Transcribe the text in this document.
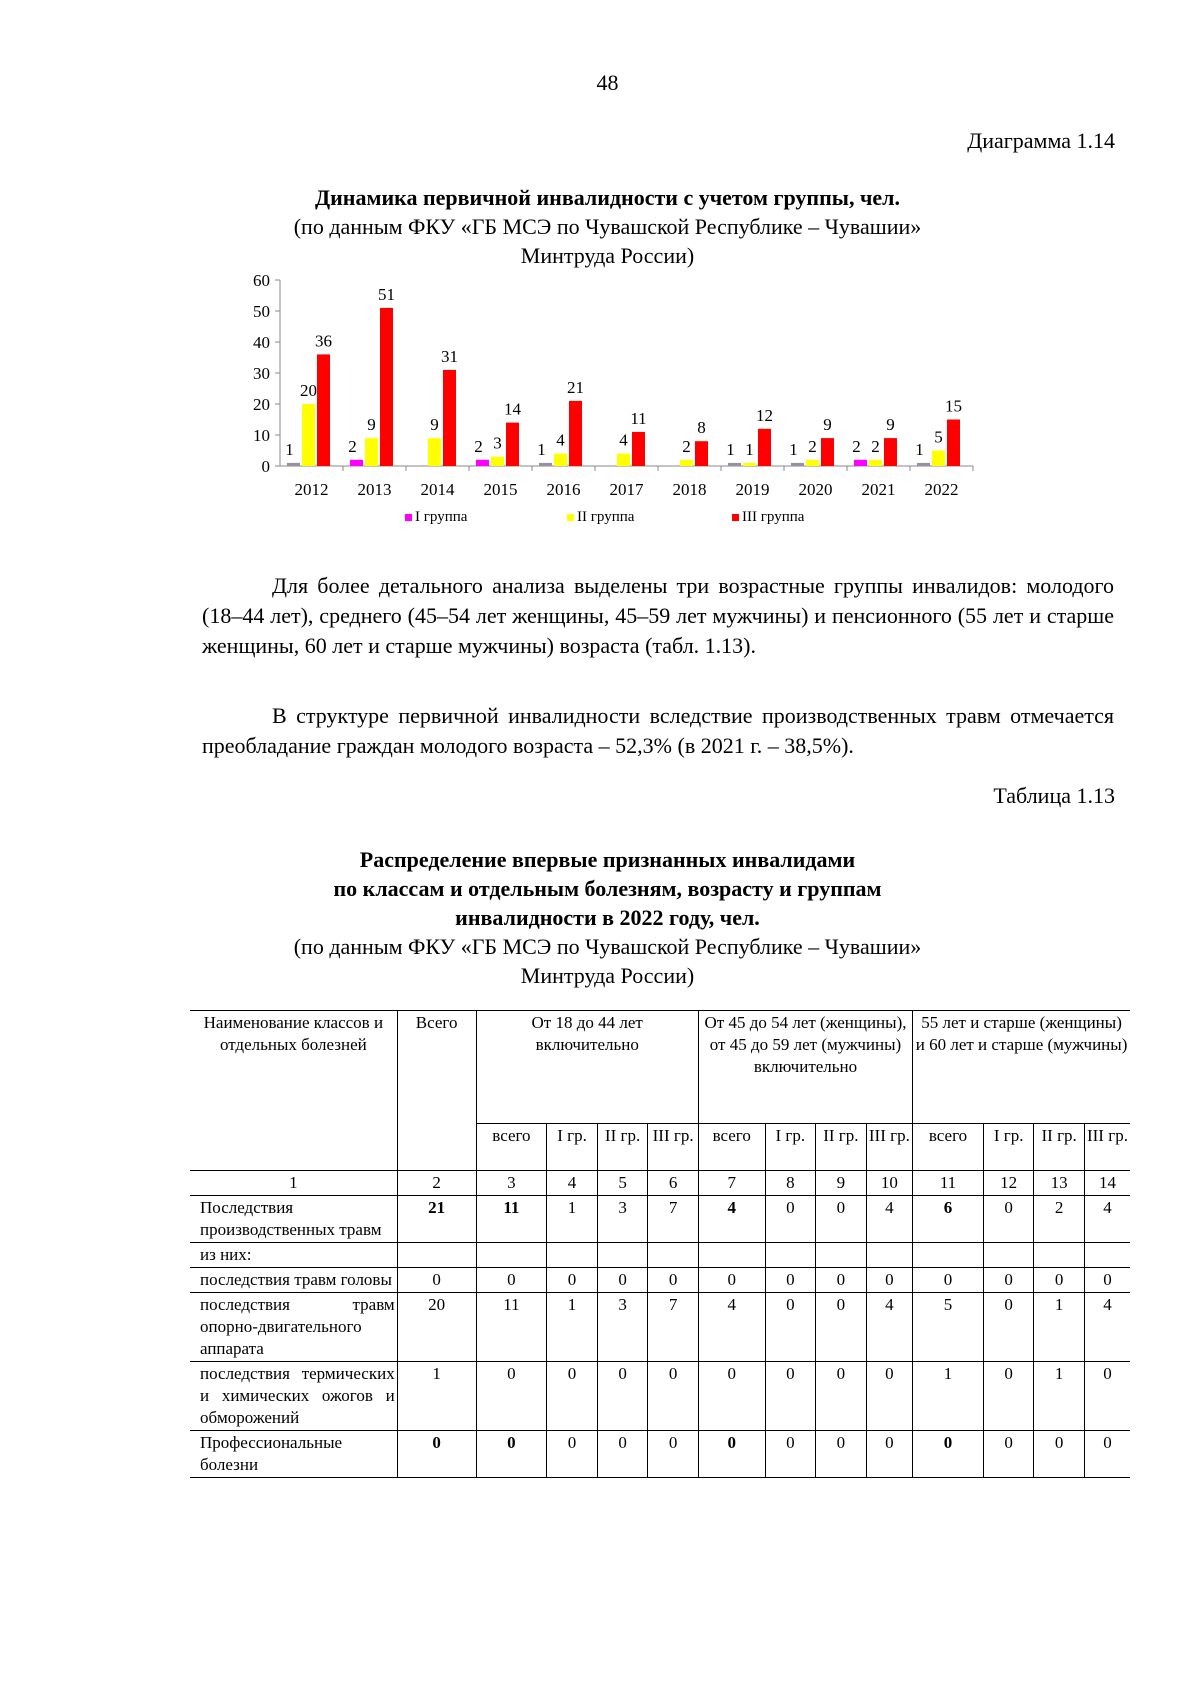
48
Диаграмма 1.14
Динамика первичной инвалидности с учетом группы, чел.
(по данным ФКУ «ГБ МСЭ по Чувашской Республике – Чувашии»
Минтруда России)
0
10
20
30
40
50
60
2012
1
20
36
2013
2
9
51
2014
9
31
2015
2 3
14
2016
1 4
21
2017
4
11
2018
2
8
2019
1 1
12
2020
1 2
9
2021
2 2
9
2022
1
5
15
I группа	II группа	III группа
Для более детального анализа выделены три возрастные группы инвалидов: молодого (18–44 лет), среднего (45–54 лет женщины, 45–59 лет мужчины) и пенсионного (55 лет и старше женщины, 60 лет и старше мужчины) возраста (табл. 1.13).
В структуре первичной инвалидности вследствие производственных травм отмечается преобладание граждан молодого возраста – 52,3% (в 2021 г. – 38,5%).
Таблица 1.13
Распределение впервые признанных инвалидами
по классам и отдельным болезням, возрасту и группам
инвалидности в 2022 году, чел.
(по данным ФКУ «ГБ МСЭ по Чувашской Республике – Чувашии»
Минтруда России)
Наименование классов и отдельных болезней	Всего	От 18 до 44 лет включительно				От 45 до 54 лет (женщины), от 45 до 59 лет (мужчины) включительно				55 лет и старше (женщины) и 60 лет и старше (мужчины)			
		всего	I гр.	II гр.	III гр.	всего	I гр.	II гр.	III гр.	всего	I гр.	II гр.	III гр.
1	2	3	4	5	6	7	8	9	10	11	12	13	14
Последствия производственных травм	21	11	1	3	7	4	0	0	4	6	0	2	4
из них:													
последствия травм головы	0	0	0	0	0	0	0	0	0	0	0	0	0
последствия травм опорно-двигательного аппарата	20	11	1	3	7	4	0	0	4	5	0	1	4
последствия термических и химических ожогов и обморожений	1	0	0	0	0	0	0	0	0	1	0	1	0
Профессиональные болезни	0	0	0	0	0	0	0	0	0	0	0	0	0
